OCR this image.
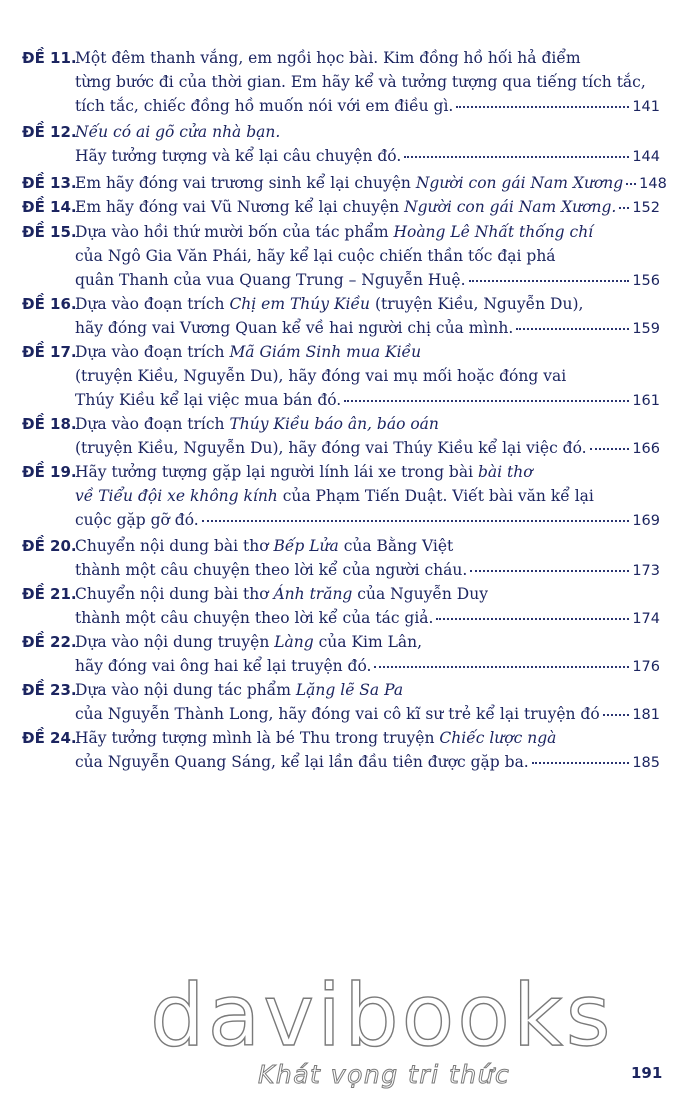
ĐỀ 11.
Một đêm thanh vắng, em ngồi học bài. Kim đồng hồ hối hả điểm
từng bước đi của thời gian. Em hãy kể và tưởng tượng qua tiếng tích tắc,
tích tắc, chiếc đồng hồ muốn nói với em điều gì.	141
ĐỀ 12.
Nếu có ai gõ cửa nhà bạn.
Hãy tưởng tượng và kể lại câu chuyện đó.	144
ĐỀ 13.
Em hãy đóng vai trương sinh kể lại chuyện Người con gái Nam Xương 148
ĐỀ 14.
Em hãy đóng vai Vũ Nương kể lại chuyện Người con gái Nam Xương. 152
ĐỀ 15.
Dựa vào hồi thứ mười bốn của tác phẩm Hoàng Lê Nhất thống chí
của Ngô Gia Văn Phái, hãy kể lại cuộc chiến thần tốc đại phá
quân Thanh của vua Quang Trung – Nguyễn Huệ.	156
ĐỀ 16.
Dựa vào đoạn trích Chị em Thúy Kiều (truyện Kiều, Nguyễn Du),
hãy đóng vai Vương Quan kể về hai người chị của mình.	159
ĐỀ 17.
Dựa vào đoạn trích Mã Giám Sinh mua Kiều
(truyện Kiều, Nguyễn Du), hãy đóng vai mụ mối hoặc đóng vai
Thúy Kiều kể lại việc mua bán đó.	161
ĐỀ 18.
Dựa vào đoạn trích Thúy Kiều báo ân, báo oán
(truyện Kiều, Nguyễn Du), hãy đóng vai Thúy Kiều kể lại việc đó.	166
ĐỀ 19.
Hãy tưởng tượng gặp lại người lính lái xe trong bài bài thơ
về Tiểu đội xe không kính của Phạm Tiến Duật. Viết bài văn kể lại
cuộc gặp gỡ đó.	169
ĐỀ 20.
Chuyển nội dung bài thơ Bếp Lửa của Bằng Việt
thành một câu chuyện theo lời kể của người cháu.	173
ĐỀ 21.
Chuyển nội dung bài thơ Ánh trăng của Nguyễn Duy
thành một câu chuyện theo lời kể của tác giả.	174
ĐỀ 22.
Dựa vào nội dung truyện Làng của Kim Lân,
hãy đóng vai ông hai kể lại truyện đó.	176
ĐỀ 23.
Dựa vào nội dung tác phẩm Lặng lẽ Sa Pa
của Nguyễn Thành Long, hãy đóng vai cô kĩ sư trẻ kể lại truyện đó 181
ĐỀ 24.
Hãy tưởng tượng mình là bé Thu trong truyện Chiếc lược ngà
của Nguyễn Quang Sáng, kể lại lần đầu tiên được gặp ba.	185
davibooks
Khát vọng tri thức	191
